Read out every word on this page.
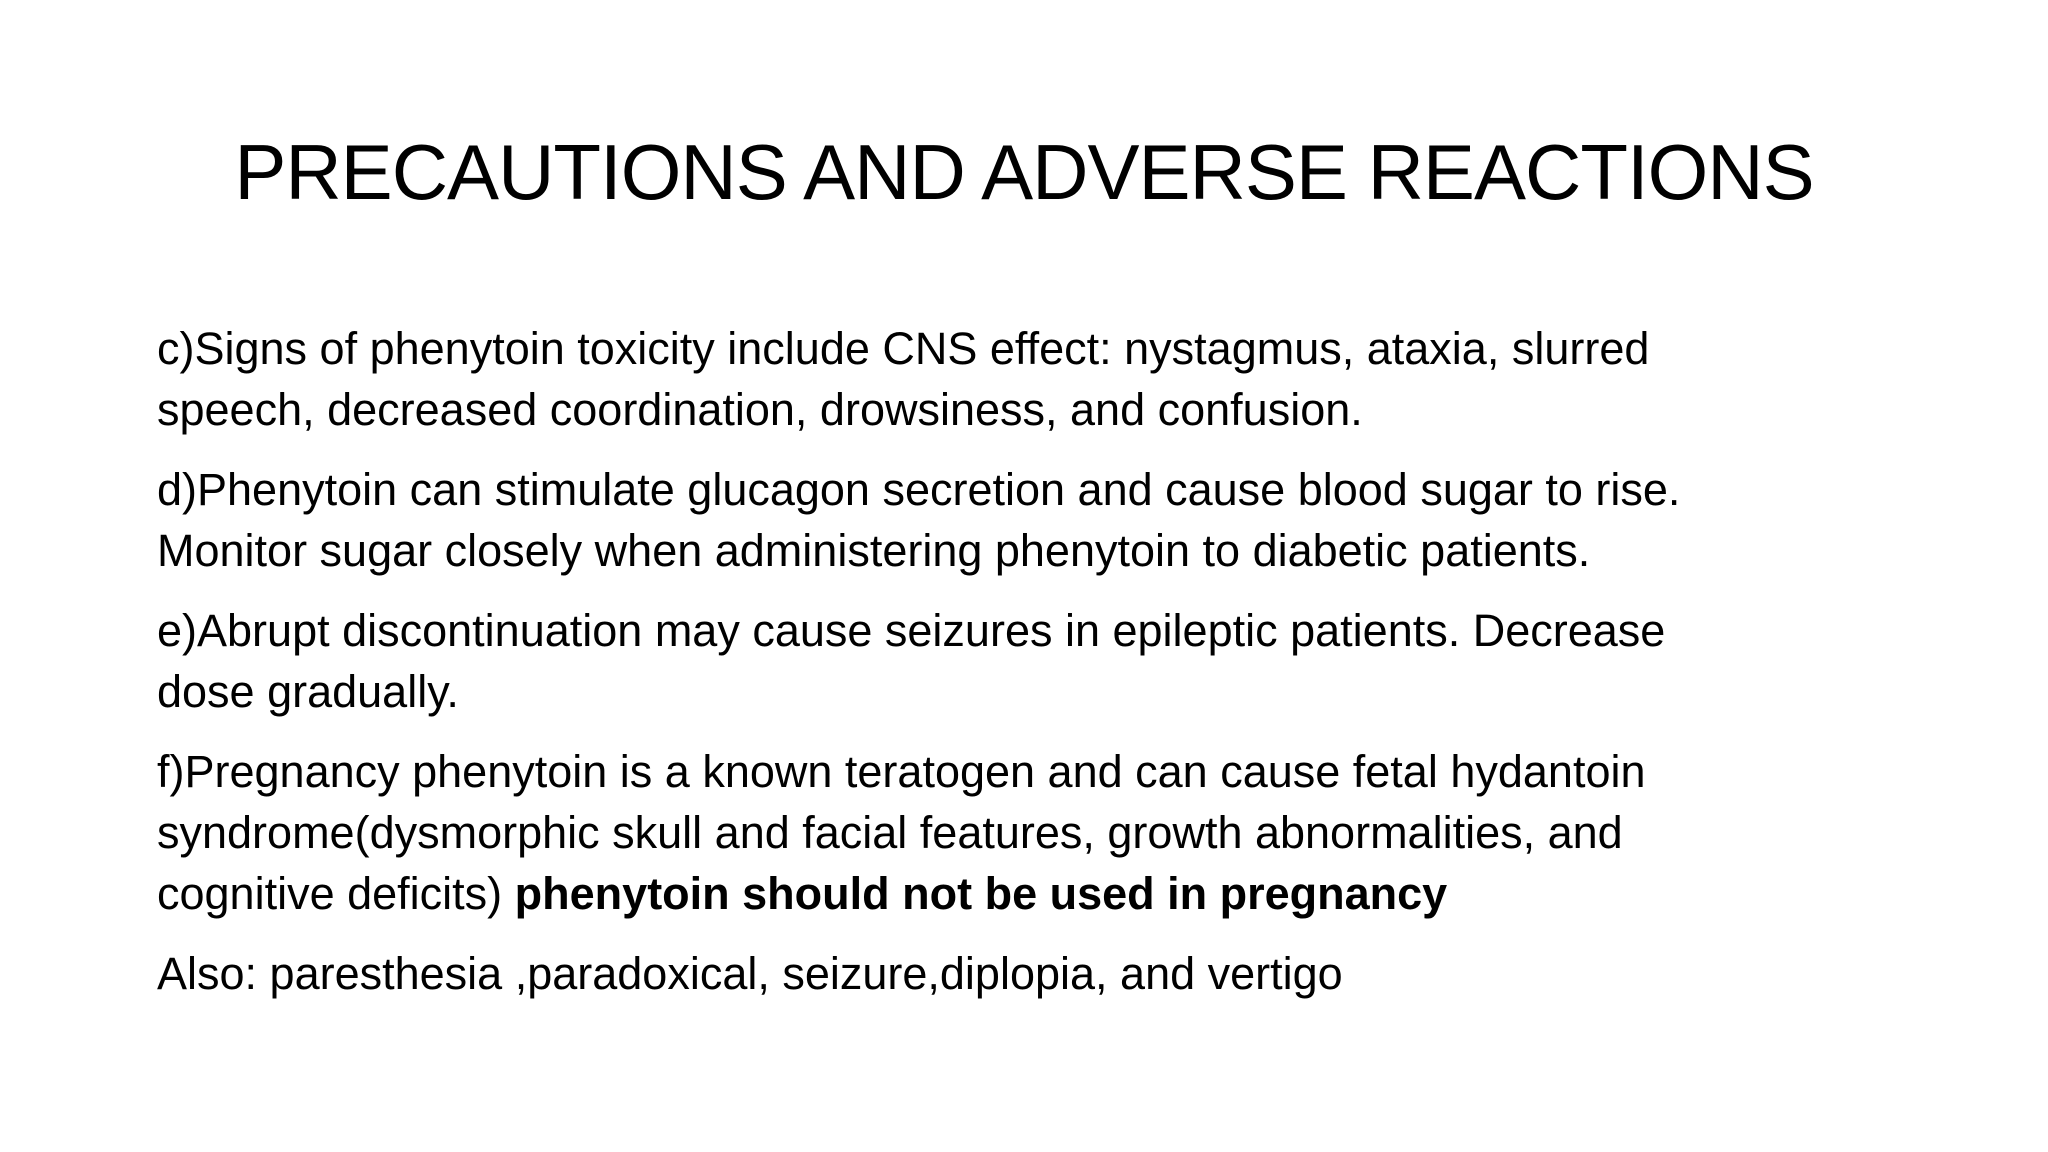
PRECAUTIONS AND ADVERSE REACTIONS

c)Signs of phenytoin toxicity include CNS effect: nystagmus, ataxia, slurred
speech, decreased coordination, drowsiness, and confusion.

d)Phenytoin can stimulate glucagon secretion and cause blood sugar to rise.
Monitor sugar closely when administering phenytoin to diabetic patients.

e)Abrupt discontinuation may cause seizures in epileptic patients. Decrease
dose gradually.

f)Pregnancy phenytoin is a known teratogen and can cause fetal hydantoin
syndrome(dysmorphic skull and facial features, growth abnormalities, and
cognitive deficits) phenytoin should not be used in pregnancy

Also: paresthesia ,paradoxical, seizure,diplopia, and vertigo
